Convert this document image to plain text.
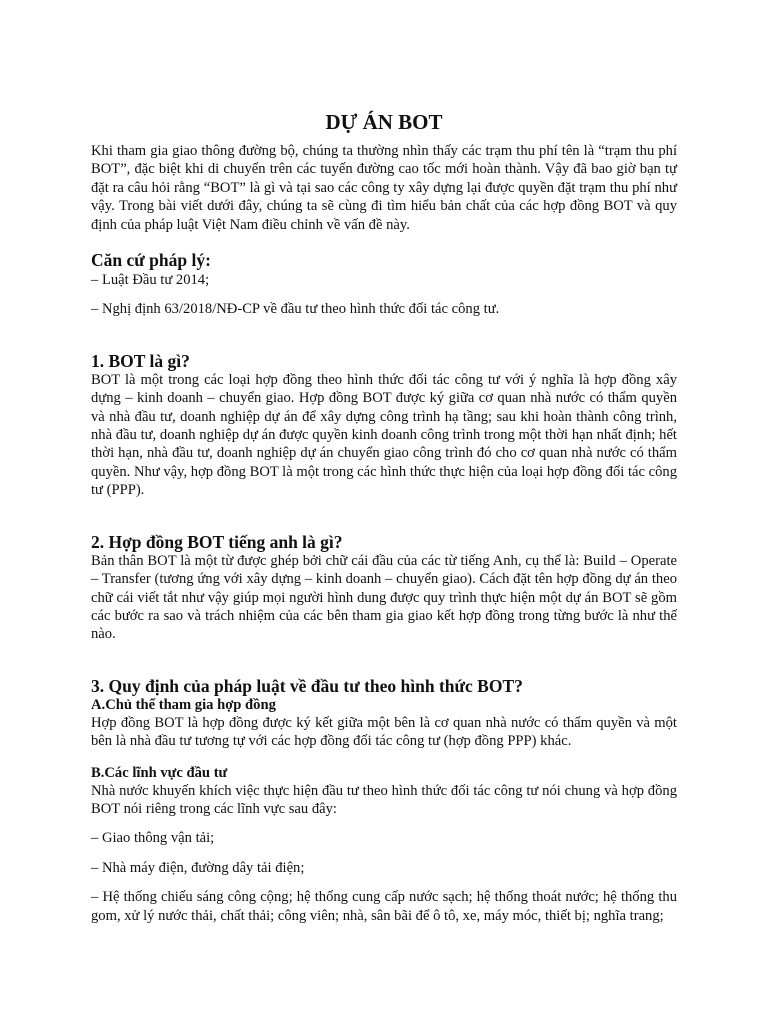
DỰ ÁN BOT

Khi tham gia giao thông đường bộ, chúng ta thường nhìn thấy các trạm thu phí tên là “trạm thu phí BOT”, đặc biệt khi di chuyển trên các tuyến đường cao tốc mới hoàn thành. Vậy đã bao giờ bạn tự đặt ra câu hỏi rằng “BOT” là gì và tại sao các công ty xây dựng lại được quyền đặt trạm thu phí như vậy. Trong bài viết dưới đây, chúng ta sẽ cùng đi tìm hiểu bản chất của các hợp đồng BOT và quy định của pháp luật Việt Nam điều chỉnh về vấn đề này.

Căn cứ pháp lý:

– Luật Đầu tư 2014;

– Nghị định 63/2018/NĐ-CP về đầu tư theo hình thức đối tác công tư.

1. BOT là gì?

BOT là một trong các loại hợp đồng theo hình thức đối tác công tư với ý nghĩa là hợp đồng xây dựng – kinh doanh – chuyển giao. Hợp đồng BOT được ký giữa cơ quan nhà nước có thẩm quyền và nhà đầu tư, doanh nghiệp dự án để xây dựng công trình hạ tầng; sau khi hoàn thành công trình, nhà đầu tư, doanh nghiệp dự án được quyền kinh doanh công trình trong một thời hạn nhất định; hết thời hạn, nhà đầu tư, doanh nghiệp dự án chuyển giao công trình đó cho cơ quan nhà nước có thẩm quyền. Như vậy, hợp đồng BOT là một trong các hình thức thực hiện của loại hợp đồng đối tác công tư (PPP).

2. Hợp đồng BOT tiếng anh là gì?

Bản thân BOT là một từ được ghép bởi chữ cái đầu của các từ tiếng Anh, cụ thể là: Build – Operate – Transfer (tương ứng với xây dựng – kinh doanh – chuyển giao). Cách đặt tên hợp đồng dự án theo chữ cái viết tắt như vậy giúp mọi người hình dung được quy trình thực hiện một dự án BOT sẽ gồm các bước ra sao và trách nhiệm của các bên tham gia giao kết hợp đồng trong từng bước là như thế nào.

3. Quy định của pháp luật về đầu tư theo hình thức BOT?
A.Chủ thể tham gia hợp đồng

Hợp đồng BOT là hợp đồng được ký kết giữa một bên là cơ quan nhà nước có thẩm quyền và một bên là nhà đầu tư tương tự với các hợp đồng đối tác công tư (hợp đồng PPP) khác.

B.Các lĩnh vực đầu tư

Nhà nước khuyến khích việc thực hiện đầu tư theo hình thức đối tác công tư nói chung và hợp đồng BOT nói riêng trong các lĩnh vực sau đây:

– Giao thông vận tải;

– Nhà máy điện, đường dây tải điện;

– Hệ thống chiếu sáng công cộng; hệ thống cung cấp nước sạch; hệ thống thoát nước; hệ thống thu gom, xử lý nước thải, chất thải; công viên; nhà, sân bãi để ô tô, xe, máy móc, thiết bị; nghĩa trang;
